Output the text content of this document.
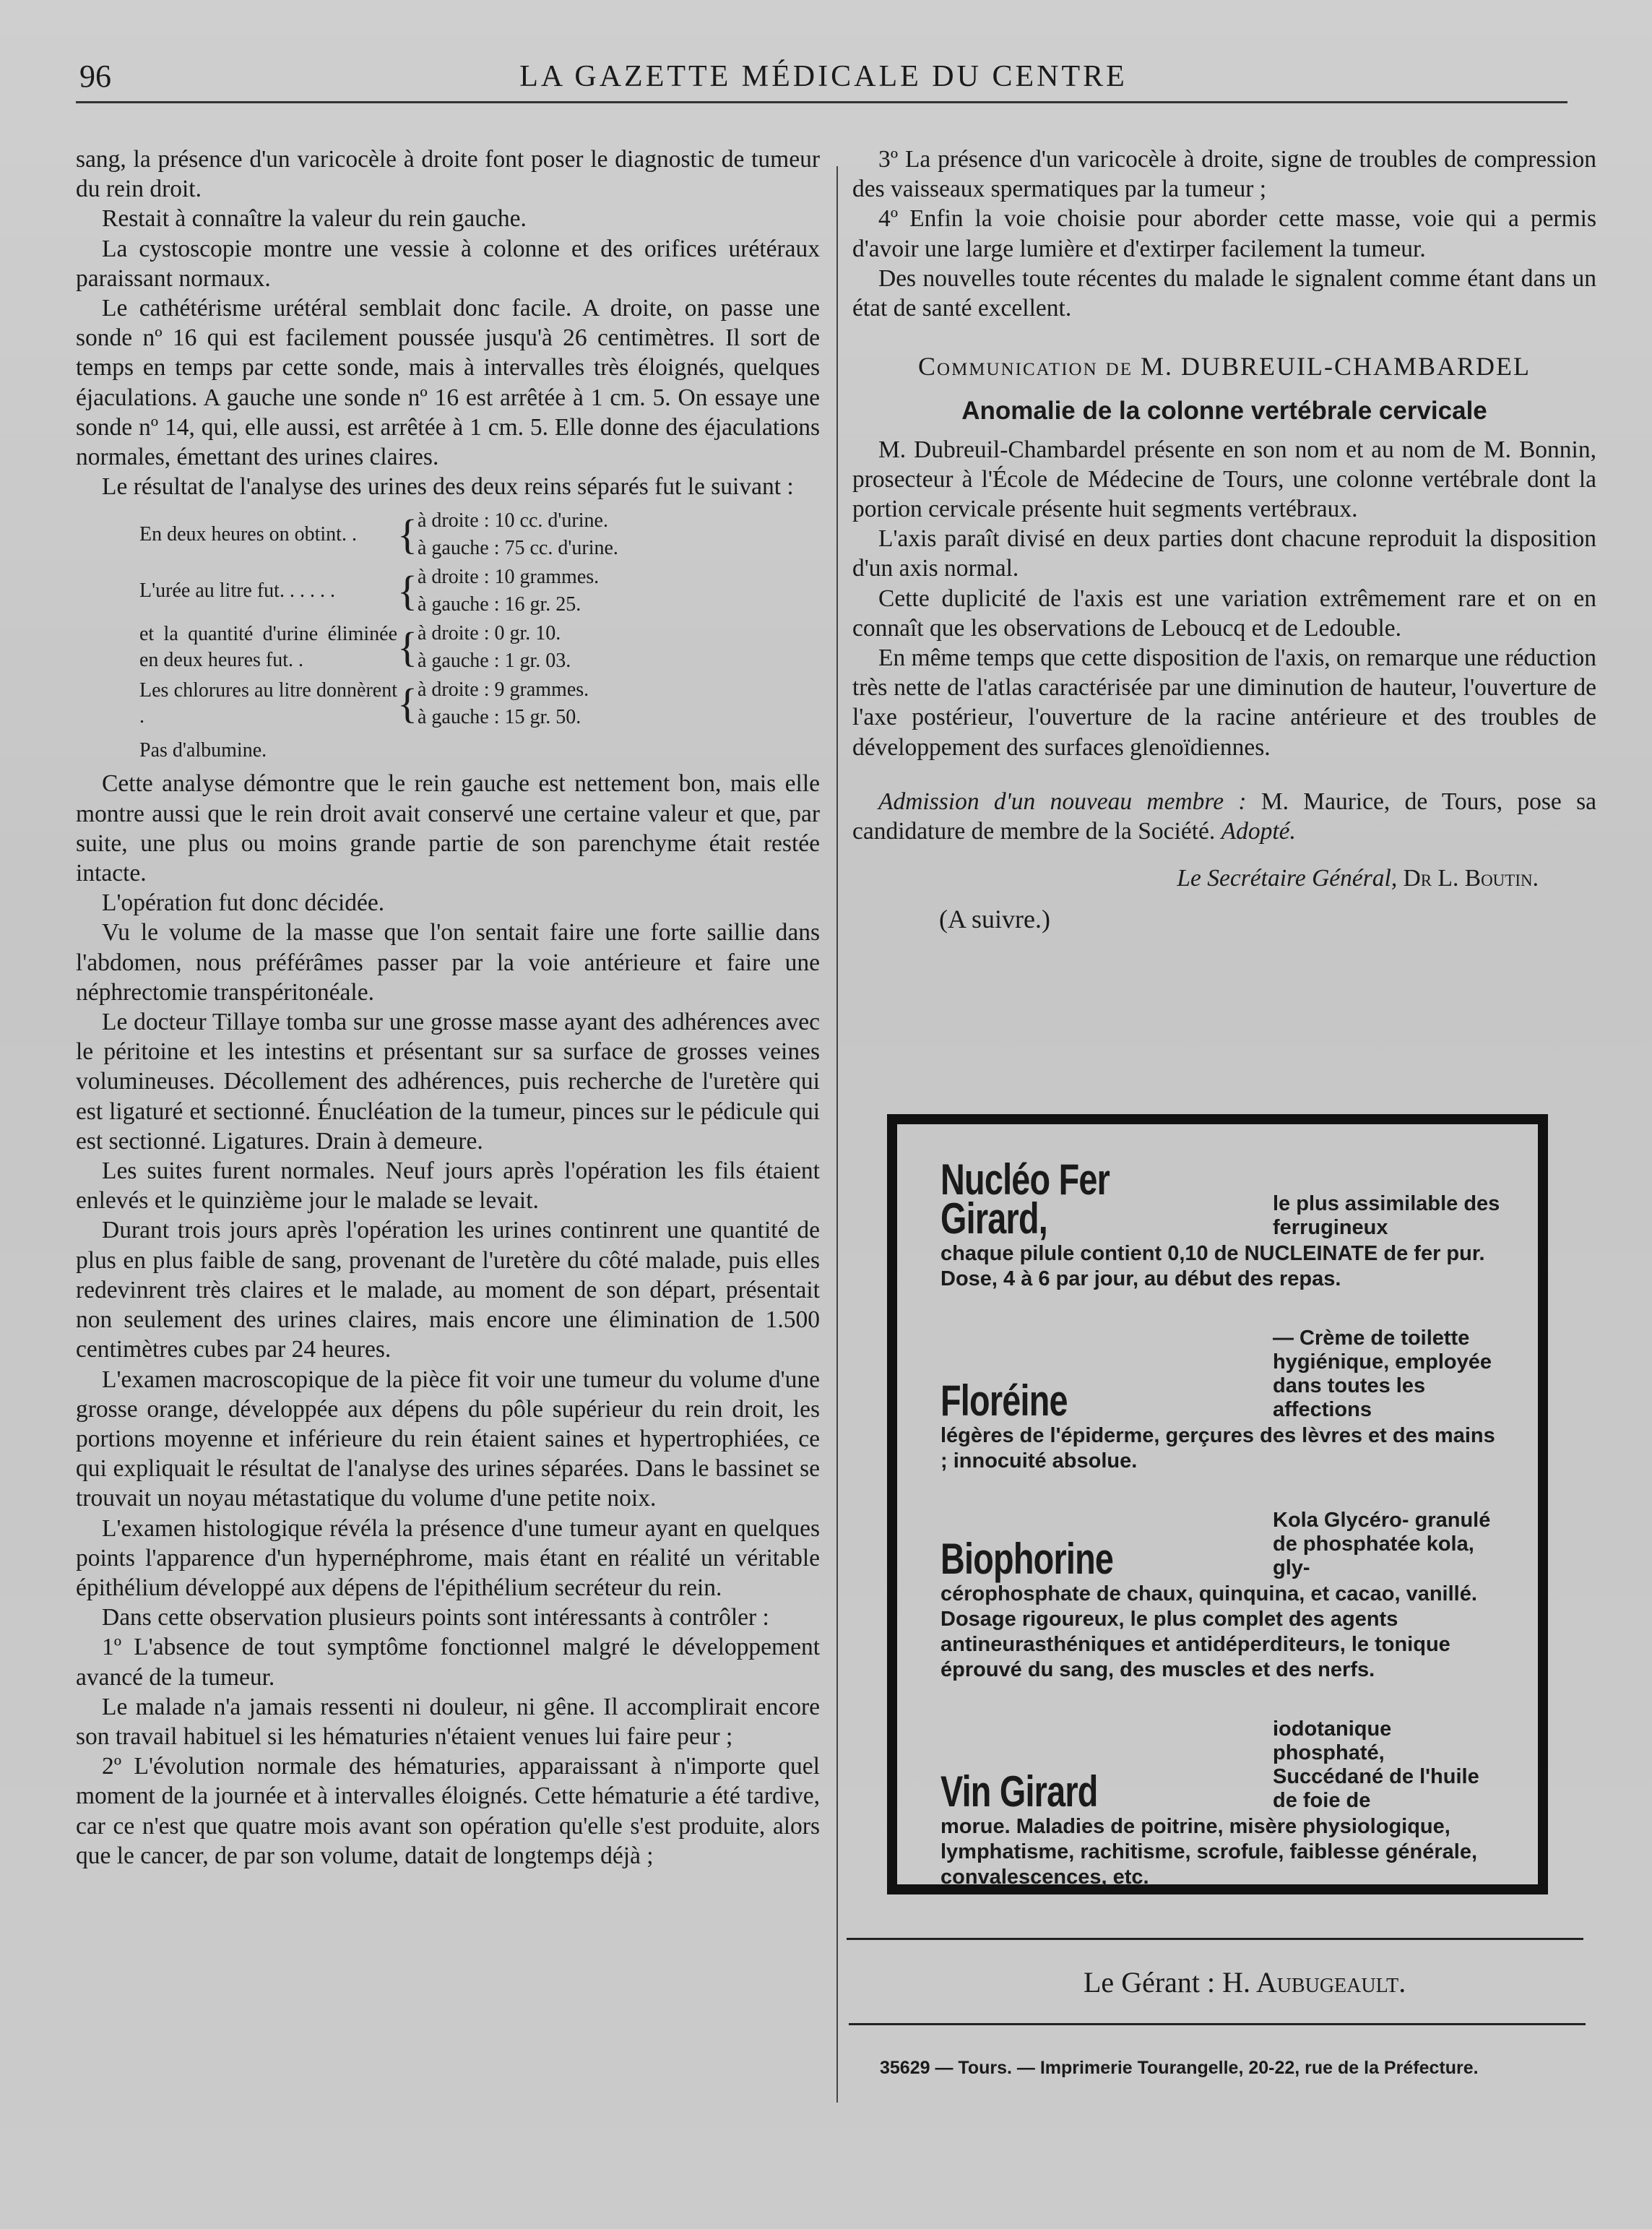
96	LA GAZETTE MÉDICALE DU CENTRE

sang, la présence d'un varicocèle à droite font poser le diagnostic de tumeur du rein droit.

Restait à connaître la valeur du rein gauche.

La cystoscopie montre une vessie à colonne et des orifices urétéraux paraissant normaux.

Le cathétérisme urétéral semblait donc facile. A droite, on passe une sonde nº 16 qui est facilement poussée jusqu'à 26 centimètres. Il sort de temps en temps par cette sonde, mais à intervalles très éloignés, quelques éjaculations. A gauche une sonde nº 16 est arrêtée à 1 cm. 5. On essaye une sonde nº 14, qui, elle aussi, est arrêtée à 1 cm. 5. Elle donne des éjaculations normales, émettant des urines claires.

Le résultat de l'analyse des urines des deux reins séparés fut le suivant :

En deux heures on obtint. . { à droite : 10 cc. d'urine.
à gauche : 75 cc. d'urine.
L'urée au litre fut. . . . . .	{ à droite : 10 grammes.
à gauche : 16 gr. 25.
et la quantité d'urine éliminée en deux heures fut. .	{ à droite : 0 gr. 10.
à gauche : 1 gr. 03.
Les chlorures au litre donnèrent .	{ à droite : 9 grammes.
à gauche : 15 gr. 50.
Pas d'albumine.

Cette analyse démontre que le rein gauche est nettement bon, mais elle montre aussi que le rein droit avait conservé une certaine valeur et que, par suite, une plus ou moins grande partie de son parenchyme était restée intacte.

L'opération fut donc décidée.

Vu le volume de la masse que l'on sentait faire une forte saillie dans l'abdomen, nous préférâmes passer par la voie antérieure et faire une néphrectomie transpéritonéale.

Le docteur Tillaye tomba sur une grosse masse ayant des adhérences avec le péritoine et les intestins et présentant sur sa surface de grosses veines volumineuses. Décollement des adhérences, puis recherche de l'uretère qui est ligaturé et sectionné. Énucléation de la tumeur, pinces sur le pédicule qui est sectionné. Ligatures. Drain à demeure.

Les suites furent normales. Neuf jours après l'opération les fils étaient enlevés et le quinzième jour le malade se levait.

Durant trois jours après l'opération les urines continrent une quantité de plus en plus faible de sang, provenant de l'uretère du côté malade, puis elles redevinrent très claires et le malade, au moment de son départ, présentait non seulement des urines claires, mais encore une élimination de 1.500 centimètres cubes par 24 heures.

L'examen macroscopique de la pièce fit voir une tumeur du volume d'une grosse orange, développée aux dépens du pôle supérieur du rein droit, les portions moyenne et inférieure du rein étaient saines et hypertrophiées, ce qui expliquait le résultat de l'analyse des urines séparées. Dans le bassinet se trouvait un noyau métastatique du volume d'une petite noix.

L'examen histologique révéla la présence d'une tumeur ayant en quelques points l'apparence d'un hypernéphrome, mais étant en réalité un véritable épithélium développé aux dépens de l'épithélium secréteur du rein.

Dans cette observation plusieurs points sont intéressants à contrôler :

1º L'absence de tout symptôme fonctionnel malgré le développement avancé de la tumeur.

Le malade n'a jamais ressenti ni douleur, ni gêne. Il accomplirait encore son travail habituel si les hématuries n'étaient venues lui faire peur ;

2º L'évolution normale des hématuries, apparaissant à n'importe quel moment de la journée et à intervalles éloignés. Cette hématurie a été tardive, car ce n'est que quatre mois avant son opération qu'elle s'est produite, alors que le cancer, de par son volume, datait de longtemps déjà ;

3º La présence d'un varicocèle à droite, signe de troubles de compression des vaisseaux spermatiques par la tumeur ;

4º Enfin la voie choisie pour aborder cette masse, voie qui a permis d'avoir une large lumière et d'extirper facilement la tumeur.

Des nouvelles toute récentes du malade le signalent comme étant dans un état de santé excellent.

Communication de M. DUBREUIL-CHAMBARDEL
Anomalie de la colonne vertébrale cervicale

M. Dubreuil-Chambardel présente en son nom et au nom de M. Bonnin, prosecteur à l'École de Médecine de Tours, une colonne vertébrale dont la portion cervicale présente huit segments vertébraux.

L'axis paraît divisé en deux parties dont chacune reproduit la disposition d'un axis normal.

Cette duplicité de l'axis est une variation extrêmement rare et on en connaît que les observations de Leboucq et de Ledouble.

En même temps que cette disposition de l'axis, on remarque une réduction très nette de l'atlas caractérisée par une diminution de hauteur, l'ouverture de l'axe postérieur, l'ouverture de la racine antérieure et des troubles de développement des surfaces glenoïdiennes.

Admission d'un nouveau membre : M. Maurice, de Tours, pose sa candidature de membre de la Société. Adopté.

Le Secrétaire Général, Dr L. Boutin.
(A suivre.)
Nucléo Fer Girard,	le plus assimilable des ferrugineux
chaque pilule contient 0,10 de NUCLEINATE de fer pur. Dose, 4 à 6 par jour, au début des repas.
Floréine
— Crème de toilette hygiénique, employée dans toutes les affections
légères de l'épiderme, gerçures des lèvres et des mains ; innocuité absolue.
Biophorine
Kola Glycéro- granulé de phosphatée kola, gly-
cérophosphate de chaux, quinquina, et cacao, vanillé. Dosage rigoureux, le plus complet des agents antineurasthéniques et antidéperditeurs, le tonique éprouvé du sang, des muscles et des nerfs.
Vin Girard
iodotanique phosphaté, Succédané de l'huile de foie de
morue. Maladies de poitrine, misère physiologique, lymphatisme, rachitisme, scrofule, faiblesse générale, convalescences, etc.
Le Gérant : H. Aubugeault.
35629 — Tours. — Imprimerie Tourangelle, 20-22, rue de la Préfecture.
